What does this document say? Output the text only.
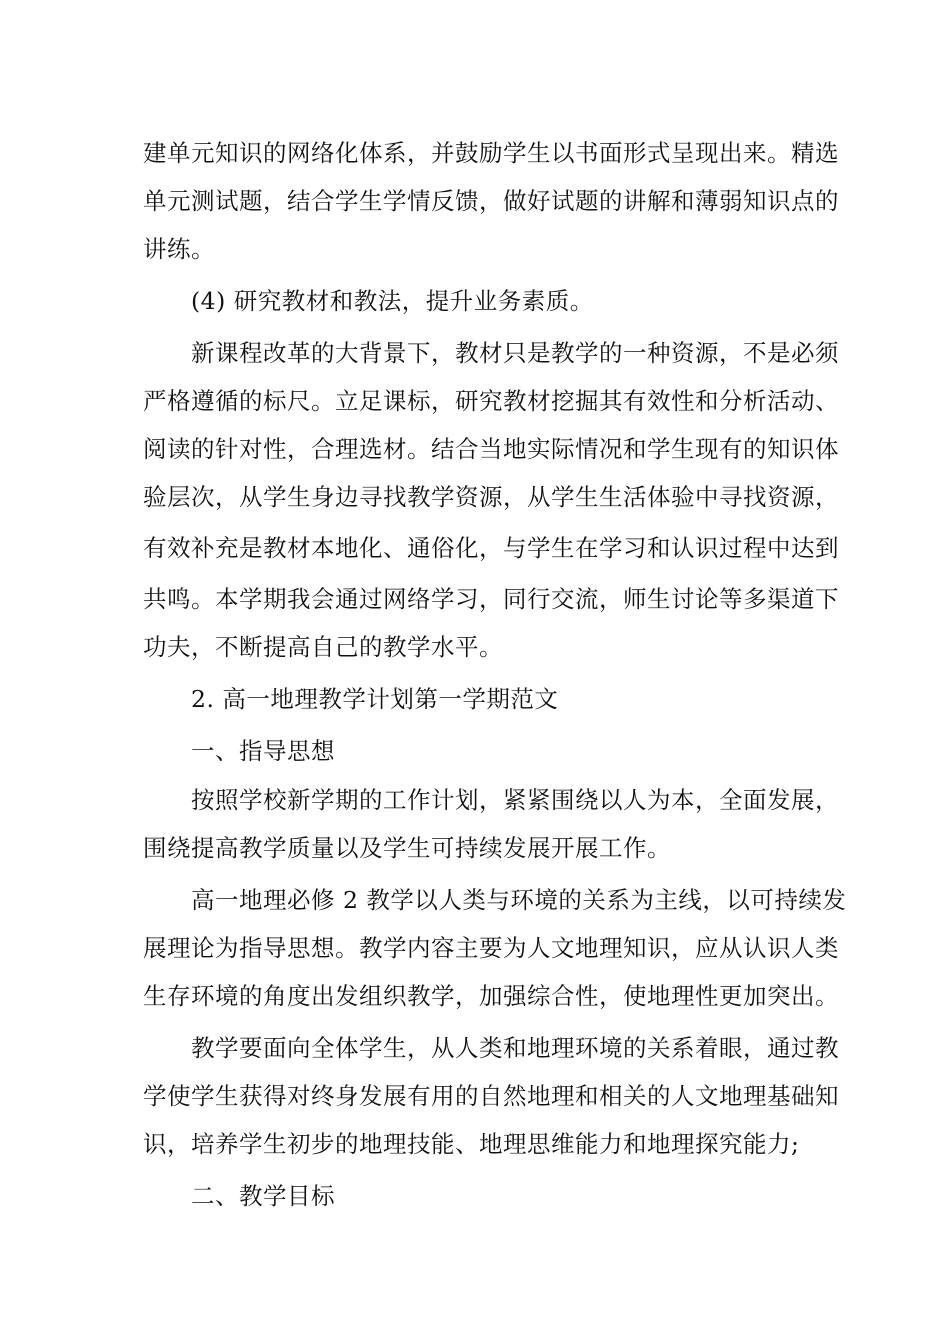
建单元知识的网络化体系，并鼓励学生以书面形式呈现出来。精选
单元测试题，结合学生学情反馈，做好试题的讲解和薄弱知识点的
讲练。
(4) 研究教材和教法，提升业务素质。
新课程改革的大背景下，教材只是教学的一种资源，不是必须
严格遵循的标尺。立足课标，研究教材挖掘其有效性和分析活动、
阅读的针对性，合理选材。结合当地实际情况和学生现有的知识体
验层次，从学生身边寻找教学资源，从学生生活体验中寻找资源，
有效补充是教材本地化、通俗化，与学生在学习和认识过程中达到
共鸣。本学期我会通过网络学习，同行交流，师生讨论等多渠道下
功夫，不断提高自己的教学水平。
2. 高一地理教学计划第一学期范文
一、指导思想
按照学校新学期的工作计划，紧紧围绕以人为本，全面发展，
围绕提高教学质量以及学生可持续发展开展工作。
高一地理必修 2 教学以人类与环境的关系为主线，以可持续发
展理论为指导思想。教学内容主要为人文地理知识，应从认识人类
生存环境的角度出发组织教学，加强综合性，使地理性更加突出。
教学要面向全体学生，从人类和地理环境的关系着眼，通过教
学使学生获得对终身发展有用的自然地理和相关的人文地理基础知
识，培养学生初步的地理技能、地理思维能力和地理探究能力;
二、教学目标
